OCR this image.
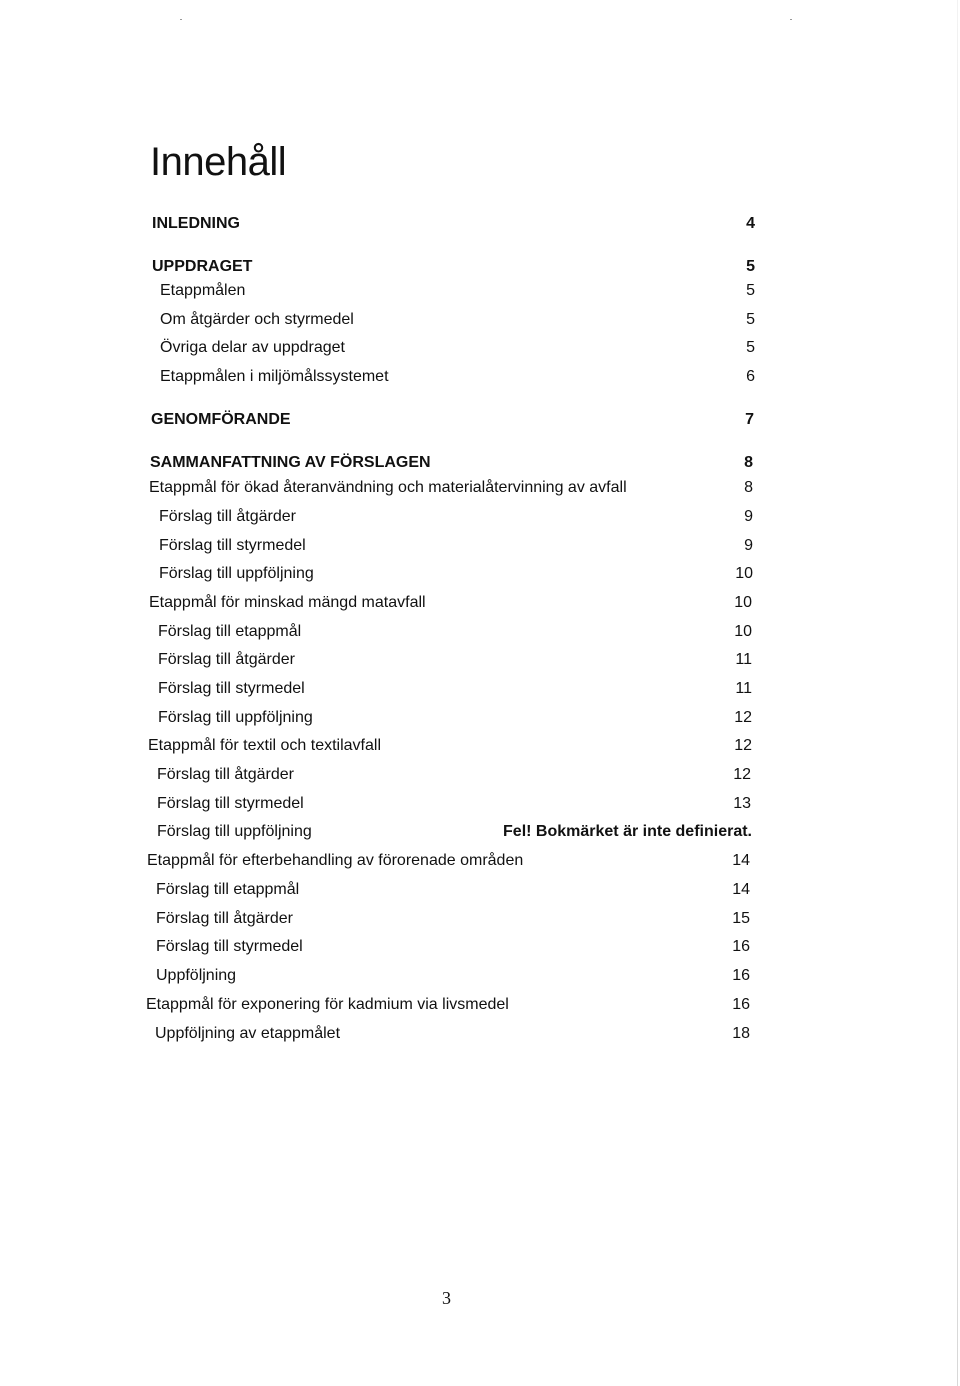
Innehåll
INLEDNING	4
UPPDRAGET	5
Etappmålen	5
Om åtgärder och styrmedel	5
Övriga delar av uppdraget	5
Etappmålen i miljömålssystemet	6
GENOMFÖRANDE	7
SAMMANFATTNING AV FÖRSLAGEN	8
Etappmål för ökad återanvändning och materialåtervinning av avfall	8
Förslag till åtgärder	9
Förslag till styrmedel	9
Förslag till uppföljning	10
Etappmål för minskad mängd matavfall	10
Förslag till etappmål	10
Förslag till åtgärder	11
Förslag till styrmedel	11
Förslag till uppföljning	12
Etappmål för textil och textilavfall	12
Förslag till åtgärder	12
Förslag till styrmedel	13
Förslag till uppföljning	Fel! Bokmärket är inte definierat.
Etappmål för efterbehandling av förorenade områden	14
Förslag till etappmål	14
Förslag till åtgärder	15
Förslag till styrmedel	16
Uppföljning	16
Etappmål för exponering för kadmium via livsmedel	16
Uppföljning av etappmålet	18
3
